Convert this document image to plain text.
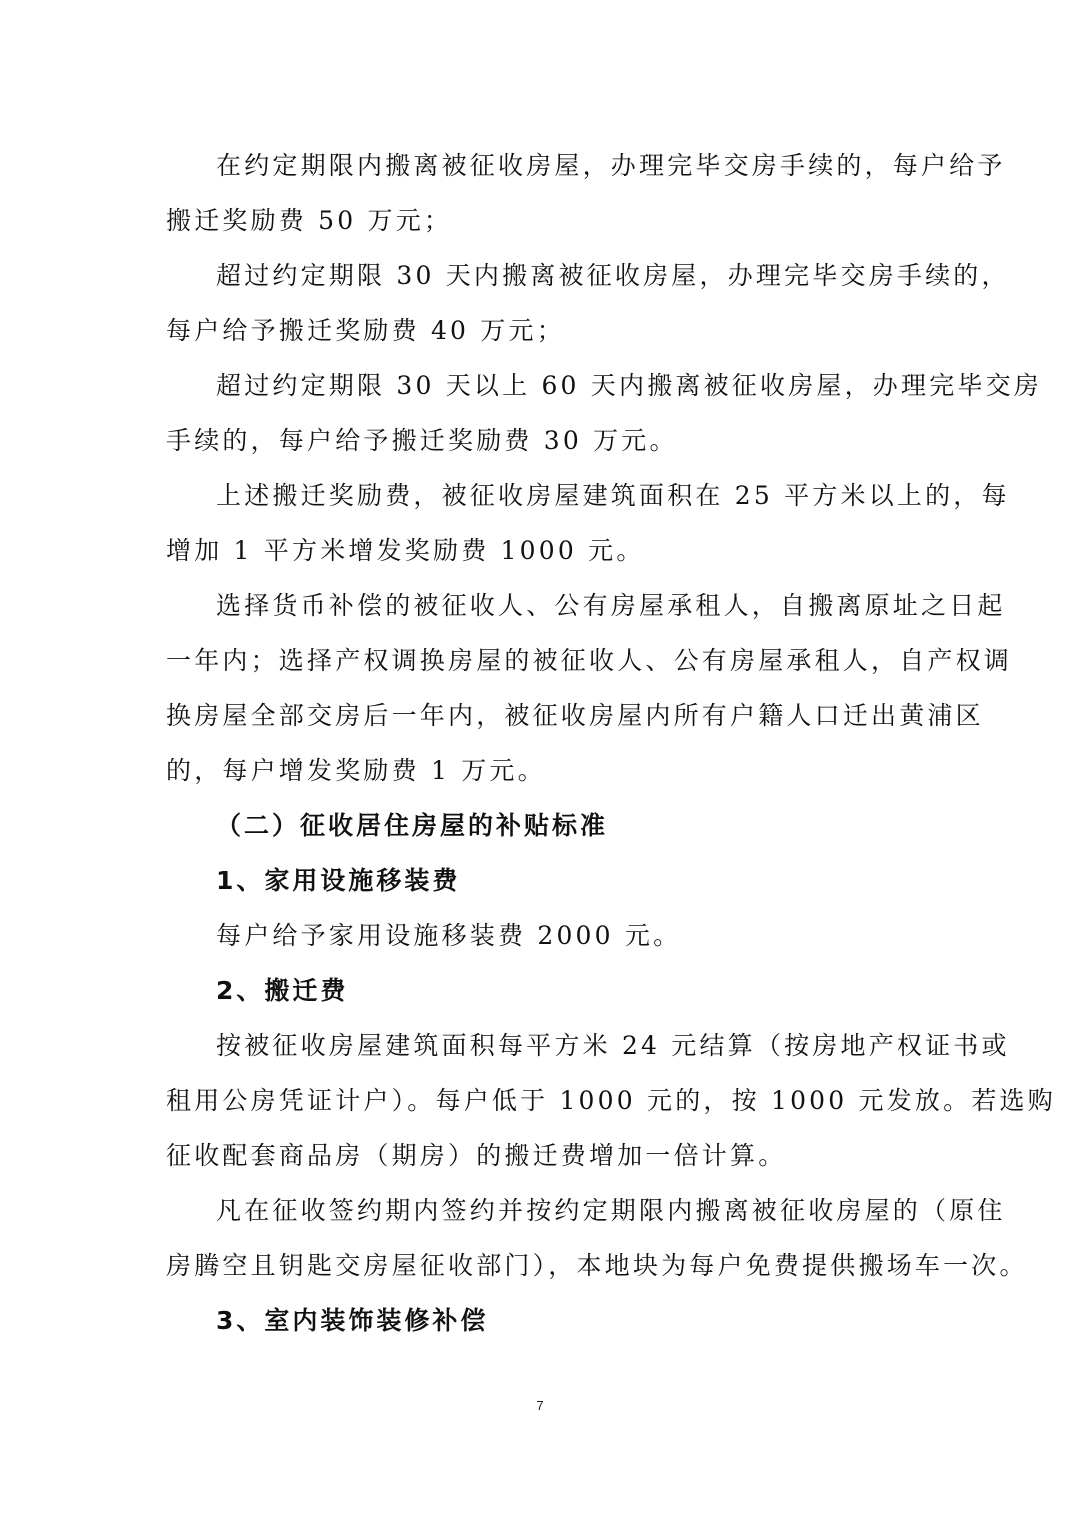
在约定期限内搬离被征收房屋，办理完毕交房手续的，每户给予
搬迁奖励费 50 万元；
超过约定期限 30 天内搬离被征收房屋，办理完毕交房手续的，
每户给予搬迁奖励费 40 万元；
超过约定期限 30 天以上 60 天内搬离被征收房屋，办理完毕交房
手续的，每户给予搬迁奖励费 30 万元。
上述搬迁奖励费，被征收房屋建筑面积在 25 平方米以上的，每
增加 1 平方米增发奖励费 1000 元。
选择货币补偿的被征收人、公有房屋承租人，自搬离原址之日起
一年内；选择产权调换房屋的被征收人、公有房屋承租人，自产权调
换房屋全部交房后一年内，被征收房屋内所有户籍人口迁出黄浦区
的，每户增发奖励费 1 万元。
（二）征收居住房屋的补贴标准
1、家用设施移装费
每户给予家用设施移装费 2000 元。
2、搬迁费
按被征收房屋建筑面积每平方米 24 元结算（按房地产权证书或
租用公房凭证计户）。每户低于 1000 元的，按 1000 元发放。若选购
征收配套商品房（期房）的搬迁费增加一倍计算。
凡在征收签约期内签约并按约定期限内搬离被征收房屋的（原住
房腾空且钥匙交房屋征收部门），本地块为每户免费提供搬场车一次。
3、室内装饰装修补偿
7
